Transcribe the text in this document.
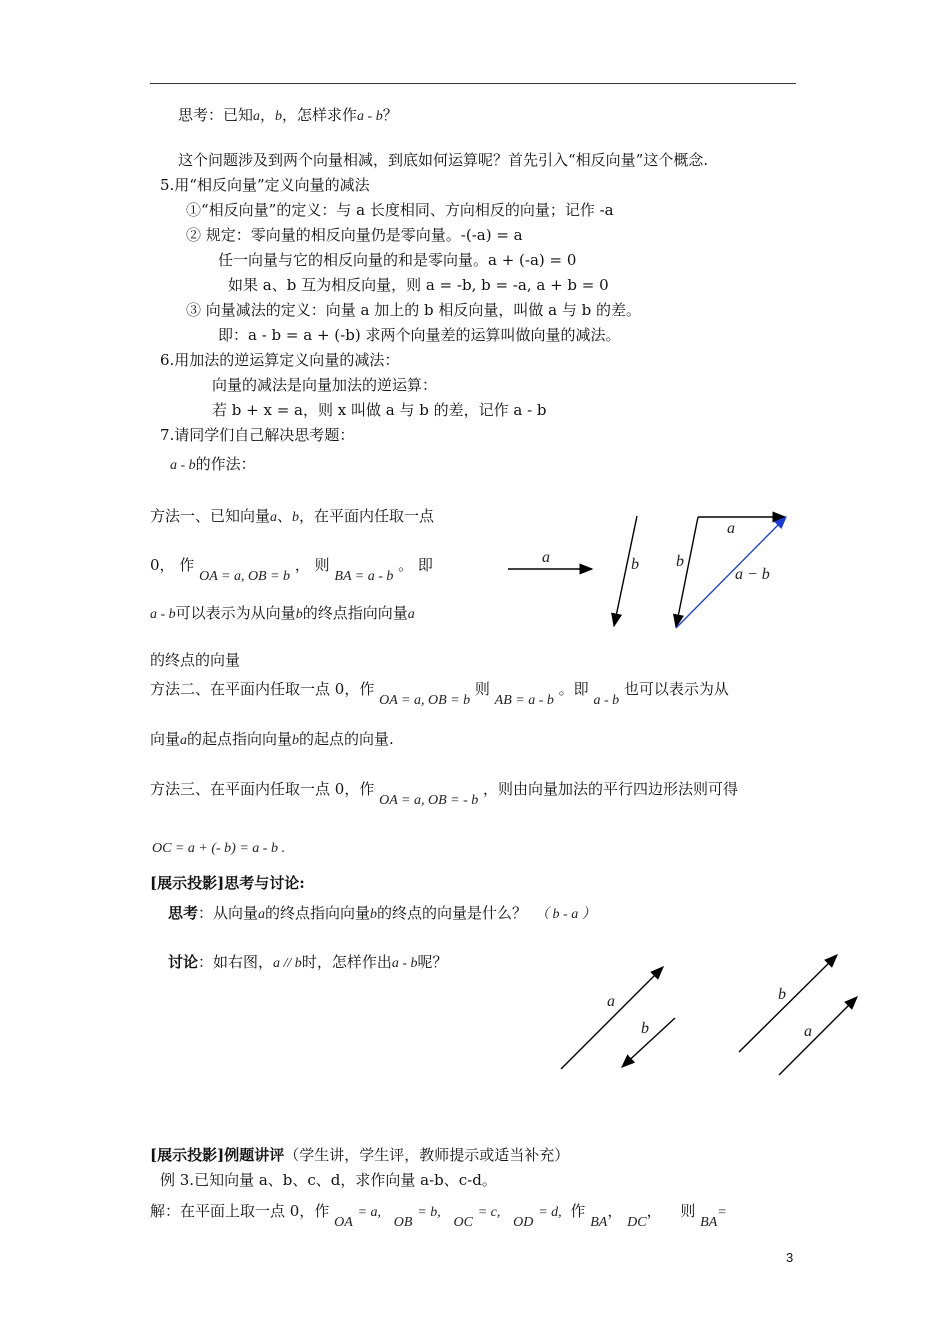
思考：已知a，b，怎样求作a - b？
这个问题涉及到两个向量相减，到底如何运算呢？首先引入“相反向量”这个概念.
5.用“相反向量”定义向量的减法
①“相反向量”的定义：与 a 长度相同、方向相反的向量；记作 -a
② 规定：零向量的相反向量仍是零向量。-(-a) = a
任一向量与它的相反向量的和是零向量。a + (-a) = 0
如果 a、b 互为相反向量，则 a = -b, b = -a, a + b = 0
③ 向量减法的定义：向量 a 加上的 b 相反向量，叫做 a 与 b 的差。
即：a - b = a + (-b) 求两个向量差的运算叫做向量的减法。
6.用加法的逆运算定义向量的减法：
向量的减法是向量加法的逆运算：
若 b + x = a，则 x 叫做 a 与 b 的差，记作 a - b
7.请同学们自己解决思考题：
a - b的作法：
方法一、已知向量a、b，在平面内任取一点
0， 作 OA = a, OB = b ， 则 BA = a - b 。 即
a - b可以表示为从向量b的终点指向向量a
的终点的向量
方法二、在平面内任取一点 0，作 OA = a, OB = b 则 AB = a - b 。即 a - b 也可以表示为从
向量a的起点指向向量b的起点的向量.
方法三、在平面内任取一点 0，作 OA = a, OB = - b ，则由向量加法的平行四边形法则可得
OC = a + (- b) = a - b .
a	b
a
b
a − b
[展示投影]思考与讨论:
思考：从向量a的终点指向向量b的终点的向量是什么？ （ b - a ）
讨论：如右图，a // b时，怎样作出a - b呢？
a
b
b
a
[展示投影]例题讲评（学生讲，学生评，教师提示或适当补充）
例 3.已知向量 a、b、c、d，求作向量 a-b、c-d。
解：在平面上取一点 0，作 OA = a, OB = b, OC = c, OD = d, 作 BA， DC， 则 BA=
3
